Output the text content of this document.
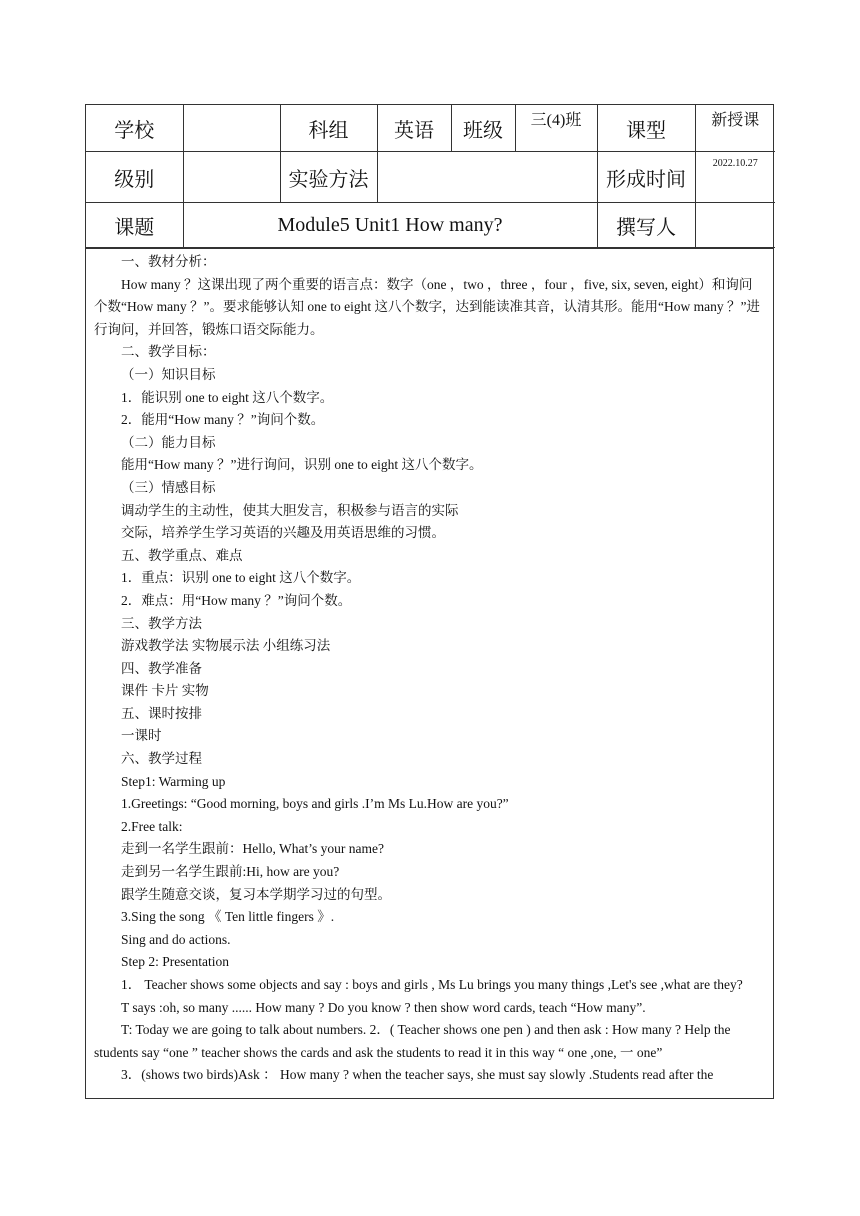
学校		科组	英语	班级	三(4)班	课型	新授课
级别		实验方法				形成时间	2022.10.27
课题	Module5 Unit1 How many?					撰写人	

一、教材分析：

How many ？这课出现了两个重要的语言点：数字（one ，two ，three ，four ，five, six, seven, eight）和询问个数“How many ？”。要求能够认知 one to eight 这八个数字，达到能读准其音，认清其形。能用“How many ？”进行询问，并回答，锻炼口语交际能力。

二、教学目标：

（一）知识目标

1．能识别 one to eight 这八个数字。

2．能用“How many ？”询问个数。

（二）能力目标

能用“How many ？”进行询问，识别 one to eight 这八个数字。

（三）情感目标

调动学生的主动性，使其大胆发言，积极参与语言的实际

交际，培养学生学习英语的兴趣及用英语思维的习惯。

五、教学重点、难点

1．重点：识别 one to eight 这八个数字。

2．难点：用“How many ？”询问个数。

三、教学方法

游戏教学法 实物展示法 小组练习法

四、教学准备

课件 卡片 实物

五、课时按排

一课时

六、教学过程

Step1: Warming up

1.Greetings: “Good morning, boys and girls .I’m Ms Lu.How are you?”

2.Free talk:

走到一名学生跟前：Hello, What’s your name?

走到另一名学生跟前:Hi, how are you?

跟学生随意交谈，复习本学期学习过的句型。

3.Sing the song 《 Ten little fingers 》.

Sing and do actions.

Step 2: Presentation

1． Teacher shows some objects and say : boys and girls , Ms Lu brings you many things ,Let's see ,what are they?

T says :oh, so many ...... How many ? Do you know ? then show word cards, teach “How many”.

T: Today we are going to talk about numbers. 2．( Teacher shows one pen ) and then ask : How many ? Help the students say “one ” teacher shows the cards and ask the students to read it in this way “ one ,one, 一 one”

3．(shows two birds)Ask ： How many ? when the teacher says, she must say slowly .Students read after the
